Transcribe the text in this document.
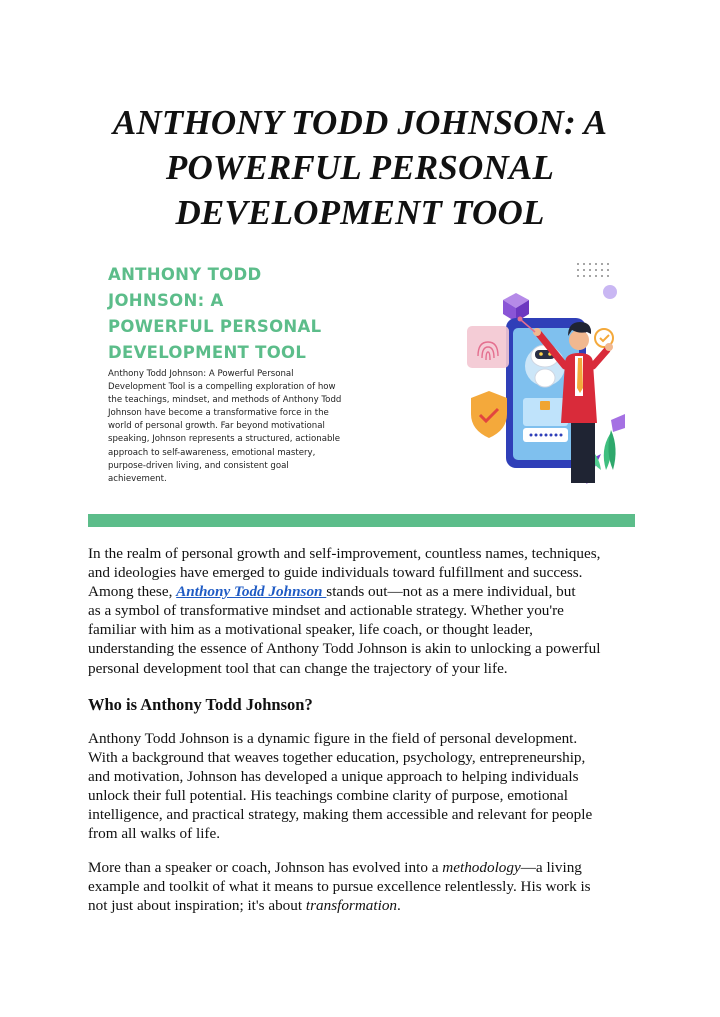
ANTHONY TODD JOHNSON: A
POWERFUL PERSONAL
DEVELOPMENT TOOL
ANTHONY TODD
JOHNSON: A
POWERFUL PERSONAL
DEVELOPMENT TOOL
Anthony Todd Johnson: A Powerful Personal
Development Tool is a compelling exploration of how
the teachings, mindset, and methods of Anthony Todd
Johnson have become a transformative force in the
world of personal growth. Far beyond motivational
speaking, Johnson represents a structured, actionable
approach to self-awareness, emotional mastery,
purpose-driven living, and consistent goal
achievement.
In the realm of personal growth and self-improvement, countless names, techniques,
and ideologies have emerged to guide individuals toward fulfillment and success.
Among these, Anthony Todd Johnson stands out—not as a mere individual, but
as a symbol of transformative mindset and actionable strategy. Whether you're
familiar with him as a motivational speaker, life coach, or thought leader,
understanding the essence of Anthony Todd Johnson is akin to unlocking a powerful
personal development tool that can change the trajectory of your life.
Who is Anthony Todd Johnson?
Anthony Todd Johnson is a dynamic figure in the field of personal development.
With a background that weaves together education, psychology, entrepreneurship,
and motivation, Johnson has developed a unique approach to helping individuals
unlock their full potential. His teachings combine clarity of purpose, emotional
intelligence, and practical strategy, making them accessible and relevant for people
from all walks of life.
More than a speaker or coach, Johnson has evolved into a methodology—a living
example and toolkit of what it means to pursue excellence relentlessly. His work is
not just about inspiration; it's about transformation.
